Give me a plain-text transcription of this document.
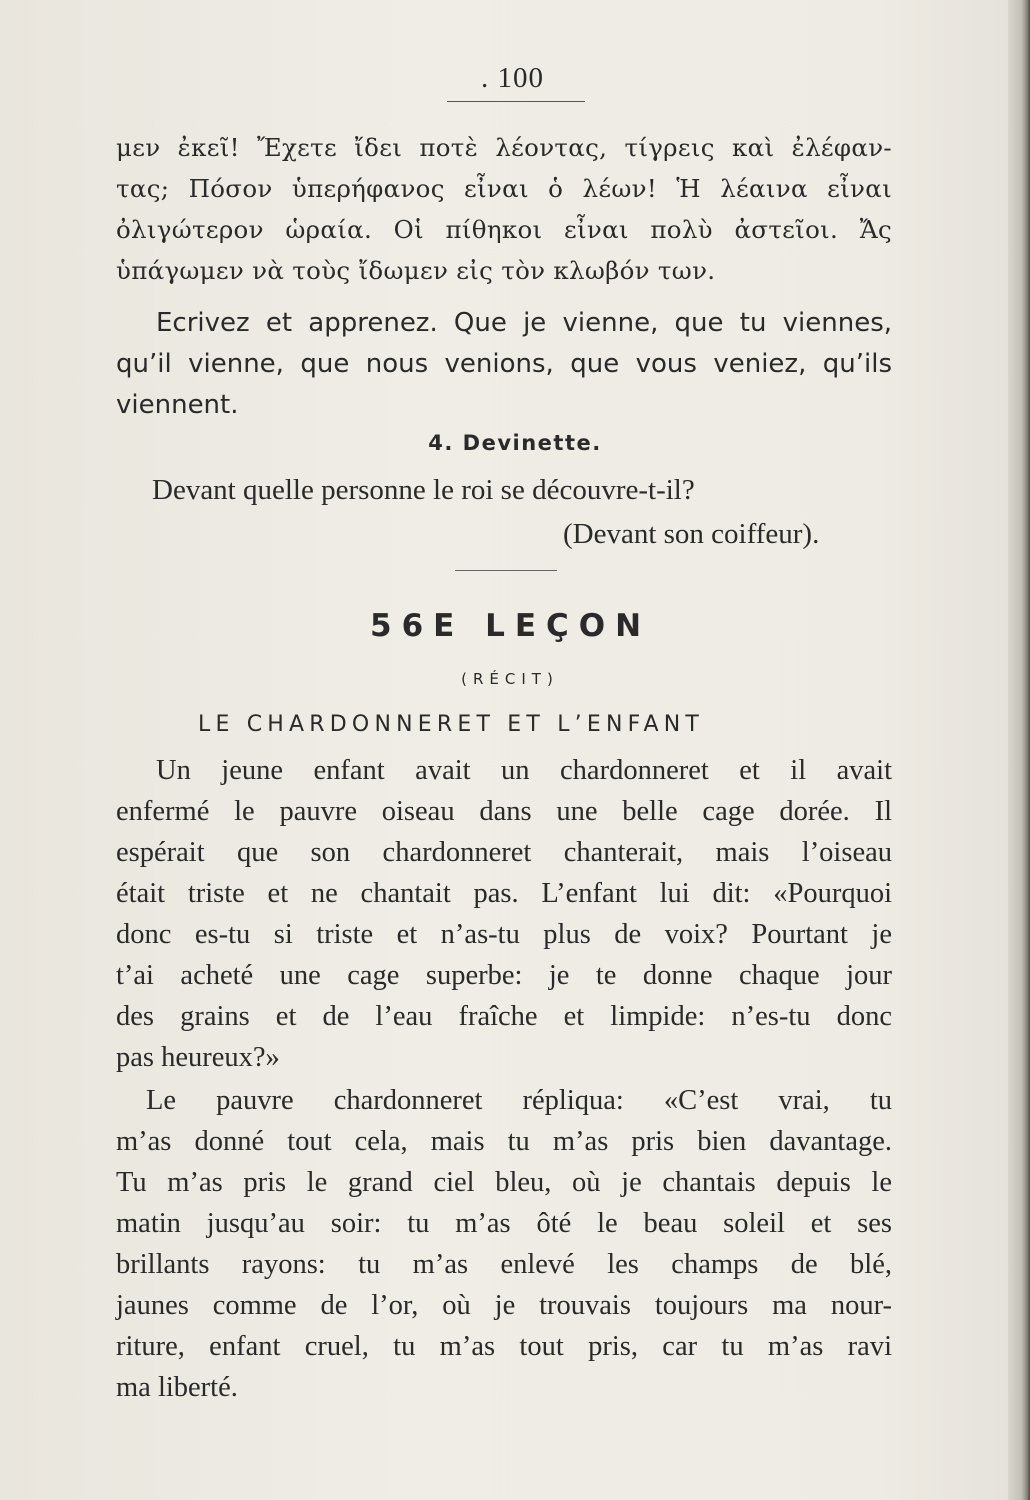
. 100
μεν ἐκεῖ! Ἔχετε ἴδει ποτὲ λέοντας, τίγρεις καὶ ἐλέφαν-
τας; Πόσον ὑπερήφανος εἶναι ὁ λέων! Ἡ λέαινα εἶναι
ὀλιγώτερον ὡραία. Οἱ πίθηκοι εἶναι πολὺ ἀστεῖοι. Ἄς
ὑπάγωμεν νὰ τοὺς ἴδωμεν εἰς τὸν κλωβόν των.
Ecrivez et apprenez. Que je vienne, que tu viennes,
qu’il vienne, que nous venions, que vous veniez, qu’ils
viennent.
4. Devinette.
Devant quelle personne le roi se découvre-t-il?
(Devant son coiffeur).
56E LEÇON
(RÉCIT)
LE CHARDONNERET ET L’ENFANT
Un jeune enfant avait un chardonneret et il avait
enfermé le pauvre oiseau dans une belle cage dorée. Il
espérait que son chardonneret chanterait, mais l’oiseau
était triste et ne chantait pas. L’enfant lui dit: «Pourquoi
donc es-tu si triste et n’as-tu plus de voix? Pourtant je
t’ai acheté une cage superbe: je te donne chaque jour
des grains et de l’eau fraîche et limpide: n’es-tu donc
pas heureux?»
Le pauvre chardonneret répliqua: «C’est vrai, tu
m’as donné tout cela, mais tu m’as pris bien davantage.
Tu m’as pris le grand ciel bleu, où je chantais depuis le
matin jusqu’au soir: tu m’as ôté le beau soleil et ses
brillants rayons: tu m’as enlevé les champs de blé,
jaunes comme de l’or, où je trouvais toujours ma nour-
riture, enfant cruel, tu m’as tout pris, car tu m’as ravi
ma liberté.
